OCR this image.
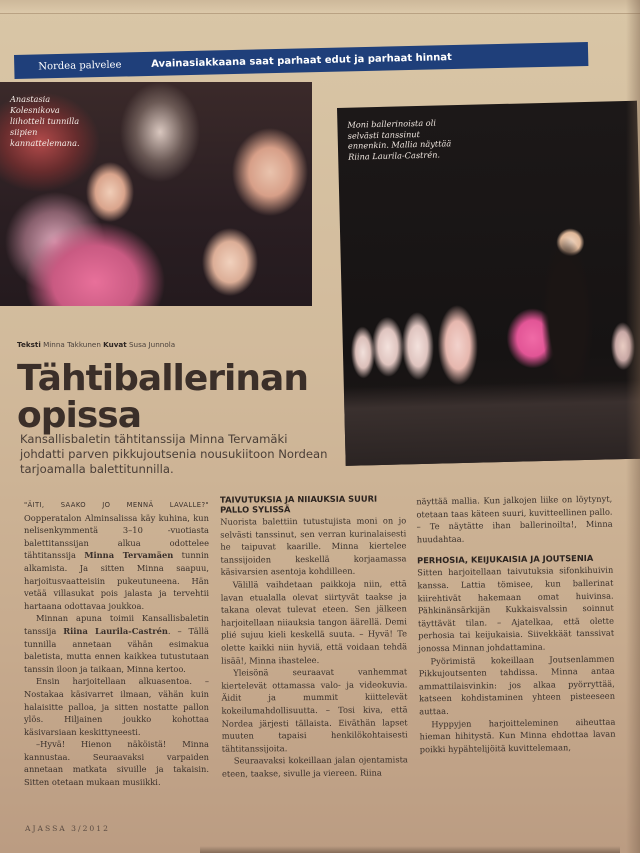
Nordea palvelee	Avainasiakkaana saat parhaat edut ja parhaat hinnat
Anastasia Kolesnikova liihotteli tunnilla siipien kannattelemana.
Moni ballerinoista oli selvästi tanssinut ennenkin. Mallia näyttää Riina Laurila-Castrén.
Teksti Minna Takkunen Kuvat Susa Junnola
Tähtiballerinan
opissa

Kansallisbaletin tähtitanssija Minna Tervamäki johdatti parven pikkujoutsenia nousukiitoon Nordean tarjoamalla balettitunnilla.

"ÄITI, SAAKO JO MENNÄ LAVALLE?" Oopperatalon Alminsalissa käy kuhina, kun nelisenkymmentä 3–10 -vuotiasta balettitanssijan alkua odottelee tähtitanssija Minna Tervamäen tunnin alkamista. Ja sitten Minna saapuu, harjoitusvaatteisiin pukeutuneena. Hän vetää villasukat pois jalasta ja tervehtii hartaana odottavaa joukkoa.

Minnan apuna toimii Kansallisbaletin tanssija Riina Laurila-Castrén. – Tällä tunnilla annetaan vähän esimakua baletista, mutta ennen kaikkea tutustutaan tanssin iloon ja taikaan, Minna kertoo.

Ensin harjoitellaan alkuasentoa. – Nostakaa käsivarret ilmaan, vähän kuin halaisitte palloa, ja sitten nostatte pallon ylös. Hiljainen joukko kohottaa käsivarsiaan keskittyneesti.

–Hyvä! Hienon näköistä! Minna kannustaa. Seuraavaksi varpaiden annetaan matkata sivuille ja takaisin. Sitten otetaan mukaan musiikki.

TAIVUTUKSIA JA NIIAUKSIA SUURI PALLO SYLISSÄ

Nuorista balettiin tutustujista moni on jo selvästi tanssinut, sen verran kurinalaisesti he taipuvat kaarille. Minna kiertelee tanssijoiden keskellä korjaamassa käsivarsien asentoja kohdilleen.

Välillä vaihdetaan paikkoja niin, että lavan etualalla olevat siirtyvät taakse ja takana olevat tulevat eteen. Sen jälkeen harjoitellaan niiauksia tangon äärellä. Demi plié sujuu kieli keskellä suuta. – Hyvä! Te olette kaikki niin hyviä, että voidaan tehdä lisää!, Minna ihastelee.

Yleisönä seuraavat vanhemmat kiertelevät ottamassa valo- ja videokuvia. Äidit ja mummit kiittelevät kokeilumahdollisuutta. – Tosi kiva, että Nordea järjesti tällaista. Eiväthän lapset muuten tapaisi henkilökohtaisesti tähtitanssijoita.

Seuraavaksi kokeillaan jalan ojentamista eteen, taakse, sivulle ja viereen. Riina

näyttää mallia. Kun jalkojen liike on löytynyt, otetaan taas käteen suuri, kuvitteellinen pallo. – Te näytätte ihan ballerinoilta!, Minna huudahtaa.

PERHOSIA, KEIJUKAISIA JA JOUTSENIA

Sitten harjoitellaan taivutuksia sifonkihuivin kanssa. Lattia tömisee, kun ballerinat kiirehtivät hakemaan omat huivinsa. Pähkinänsärkijän Kukkaisvalssin soinnut täyttävät tilan. – Ajatelkaa, että olette perhosia tai keijukaisia. Siivekkäät tanssivat jonossa Minnan johdattamina.

Pyörimistä kokeillaan Joutsenlammen Pikkujoutsenten tahdissa. Minna antaa ammattilaisvinkin: jos alkaa pyörryttää, katseen kohdistaminen yhteen pisteeseen auttaa.

Hyppyjen harjoitteleminen aiheuttaa hieman hihitystä. Kun Minna ehdottaa lavan poikki hypähtelijöitä kuvittelemaan,

AJASSA 3/2012
